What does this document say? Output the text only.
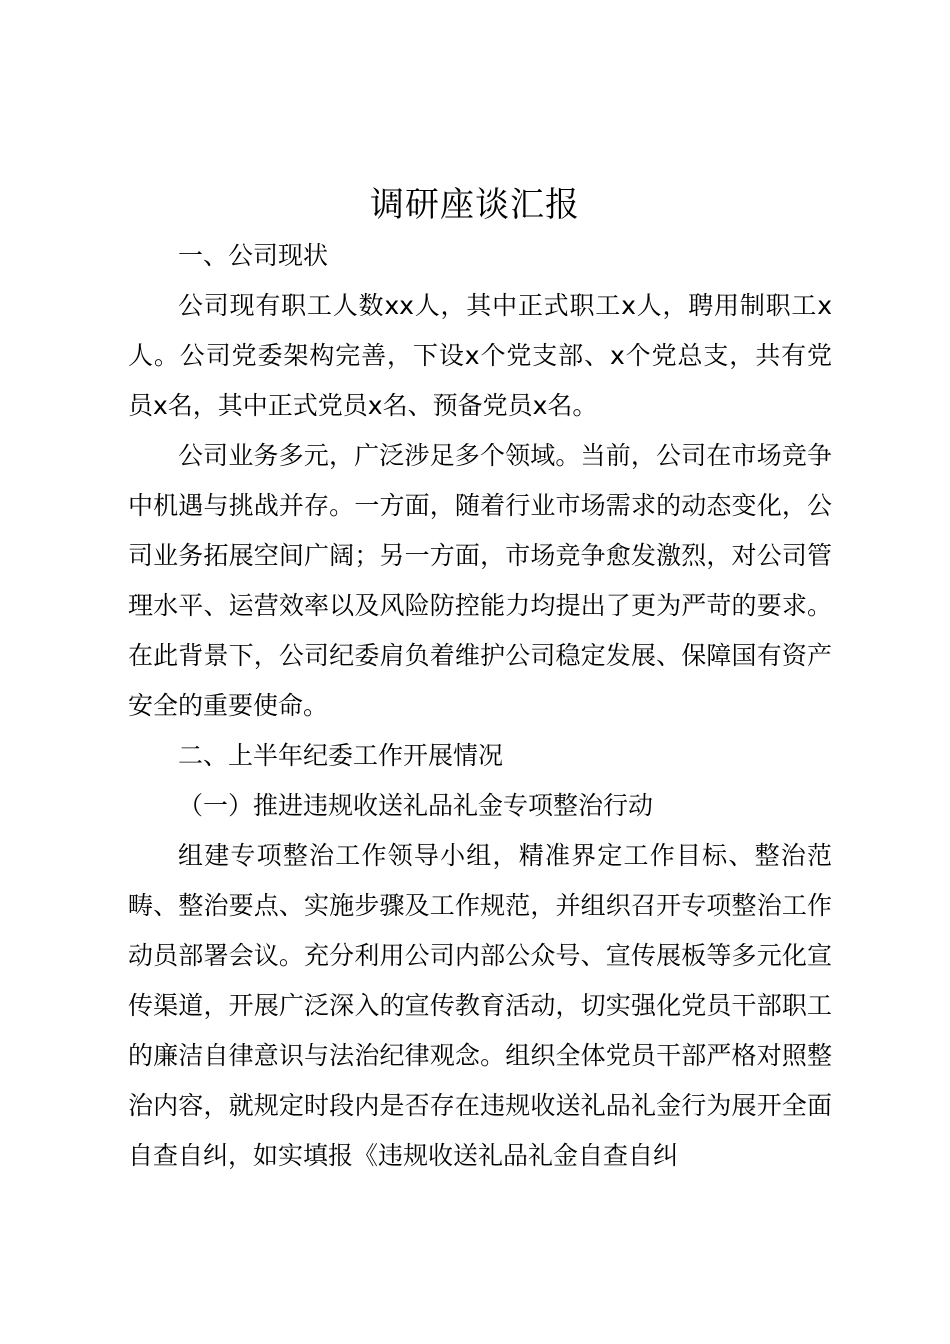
调研座谈汇报

一、公司现状

公司现有职工人数xx人，其中正式职工x人，聘用制职工x人。公司党委架构完善，下设x个党支部、x个党总支，共有党员x名，其中正式党员x名、预备党员x名。

公司业务多元，广泛涉足多个领域。当前，公司在市场竞争中机遇与挑战并存。一方面，随着行业市场需求的动态变化，公司业务拓展空间广阔；另一方面，市场竞争愈发激烈，对公司管理水平、运营效率以及风险防控能力均提出了更为严苛的要求。在此背景下，公司纪委肩负着维护公司稳定发展、保障国有资产安全的重要使命。

二、上半年纪委工作开展情况

（一）推进违规收送礼品礼金专项整治行动

组建专项整治工作领导小组，精准界定工作目标、整治范畴、整治要点、实施步骤及工作规范，并组织召开专项整治工作动员部署会议。充分利用公司内部公众号、宣传展板等多元化宣传渠道，开展广泛深入的宣传教育活动，切实强化党员干部职工的廉洁自律意识与法治纪律观念。组织全体党员干部严格对照整治内容，就规定时段内是否存在违规收送礼品礼金行为展开全面自查自纠，如实填报《违规收送礼品礼金自查自纠
